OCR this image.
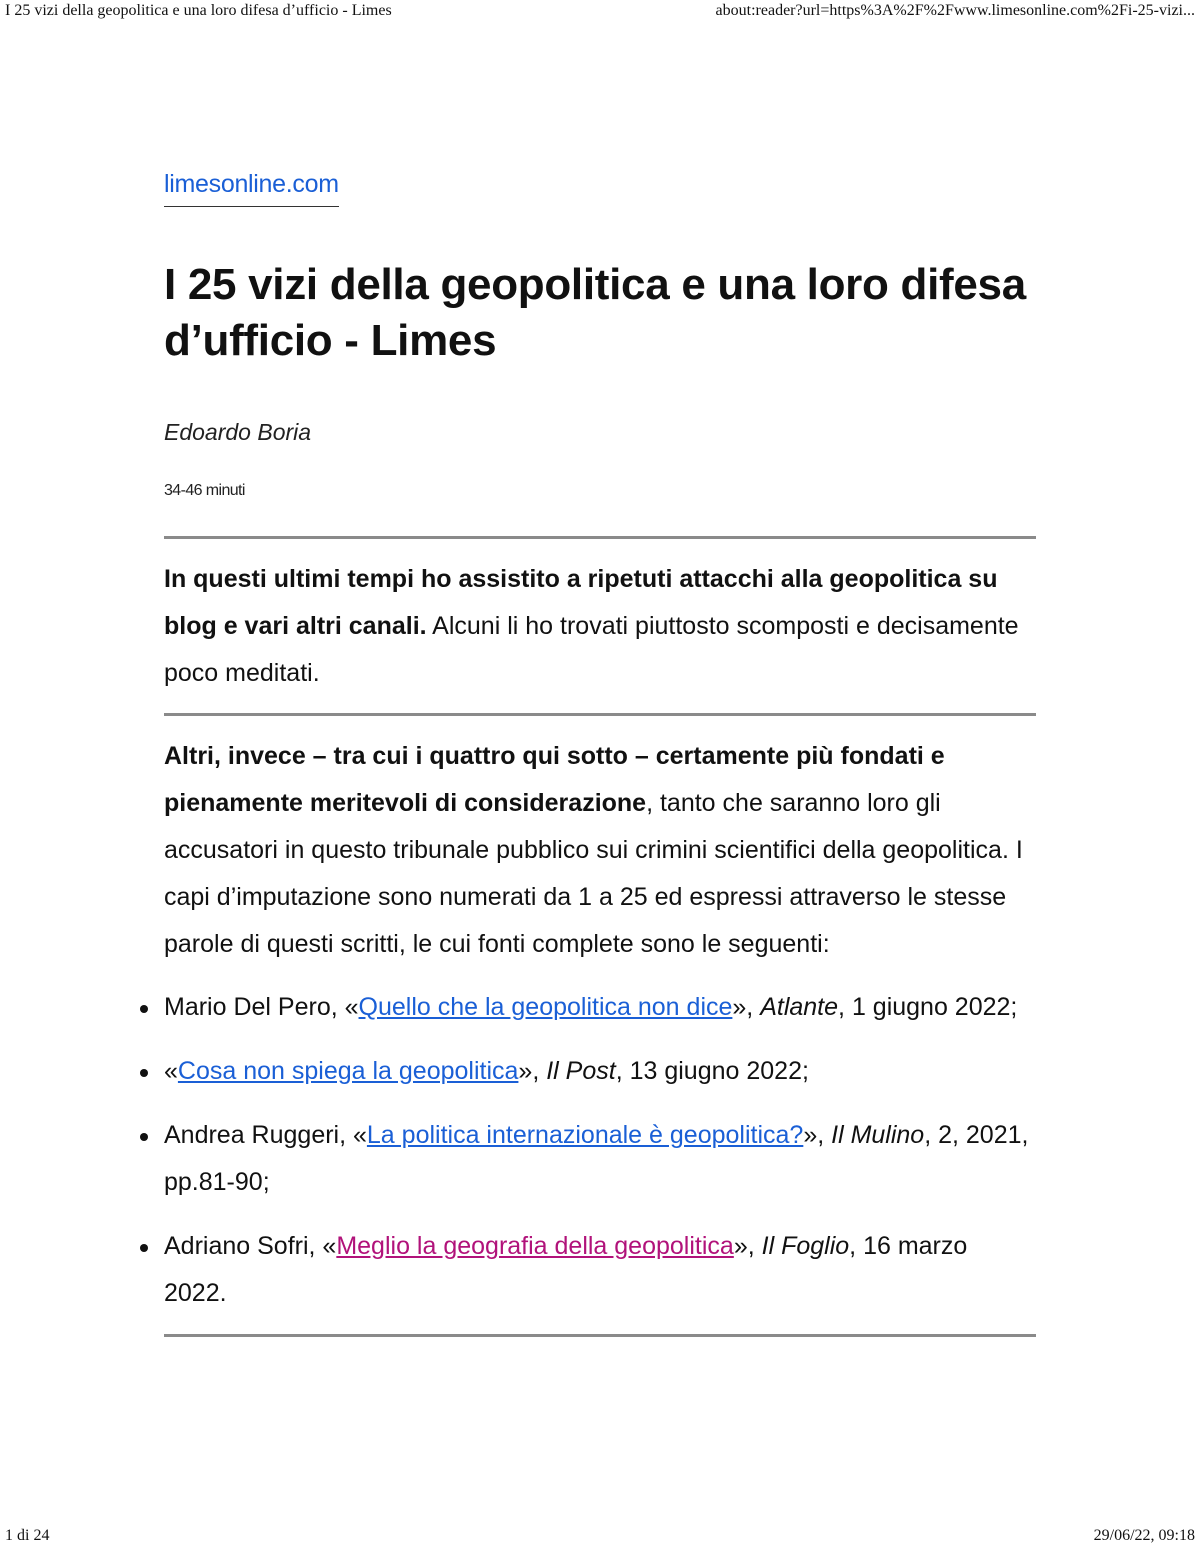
I 25 vizi della geopolitica e una loro difesa d’ufficio - Limes	about:reader?url=https%3A%2F%2Fwww.limesonline.com%2Fi-25-vizi...
limesonline.com
I 25 vizi della geopolitica e una loro difesa d’ufficio - Limes
Edoardo Boria
34-46 minuti

In questi ultimi tempi ho assistito a ripetuti attacchi alla geopolitica su blog e vari altri canali. Alcuni li ho trovati piuttosto scomposti e decisamente poco meditati.

Altri, invece – tra cui i quattro qui sotto – certamente più fondati e pienamente meritevoli di considerazione, tanto che saranno loro gli accusatori in questo tribunale pubblico sui crimini scientifici della geopolitica. I capi d’imputazione sono numerati da 1 a 25 ed espressi attraverso le stesse parole di questi scritti, le cui fonti complete sono le seguenti:

Mario Del Pero, «Quello che la geopolitica non dice», Atlante, 1 giugno 2022;
«Cosa non spiega la geopolitica», Il Post, 13 giugno 2022;
Andrea Ruggeri, «La politica internazionale è geopolitica?», Il Mulino, 2, 2021, pp.81-90;
Adriano Sofri, «Meglio la geografia della geopolitica», Il Foglio, 16 marzo 2022.
1 di 24	29/06/22, 09:18
